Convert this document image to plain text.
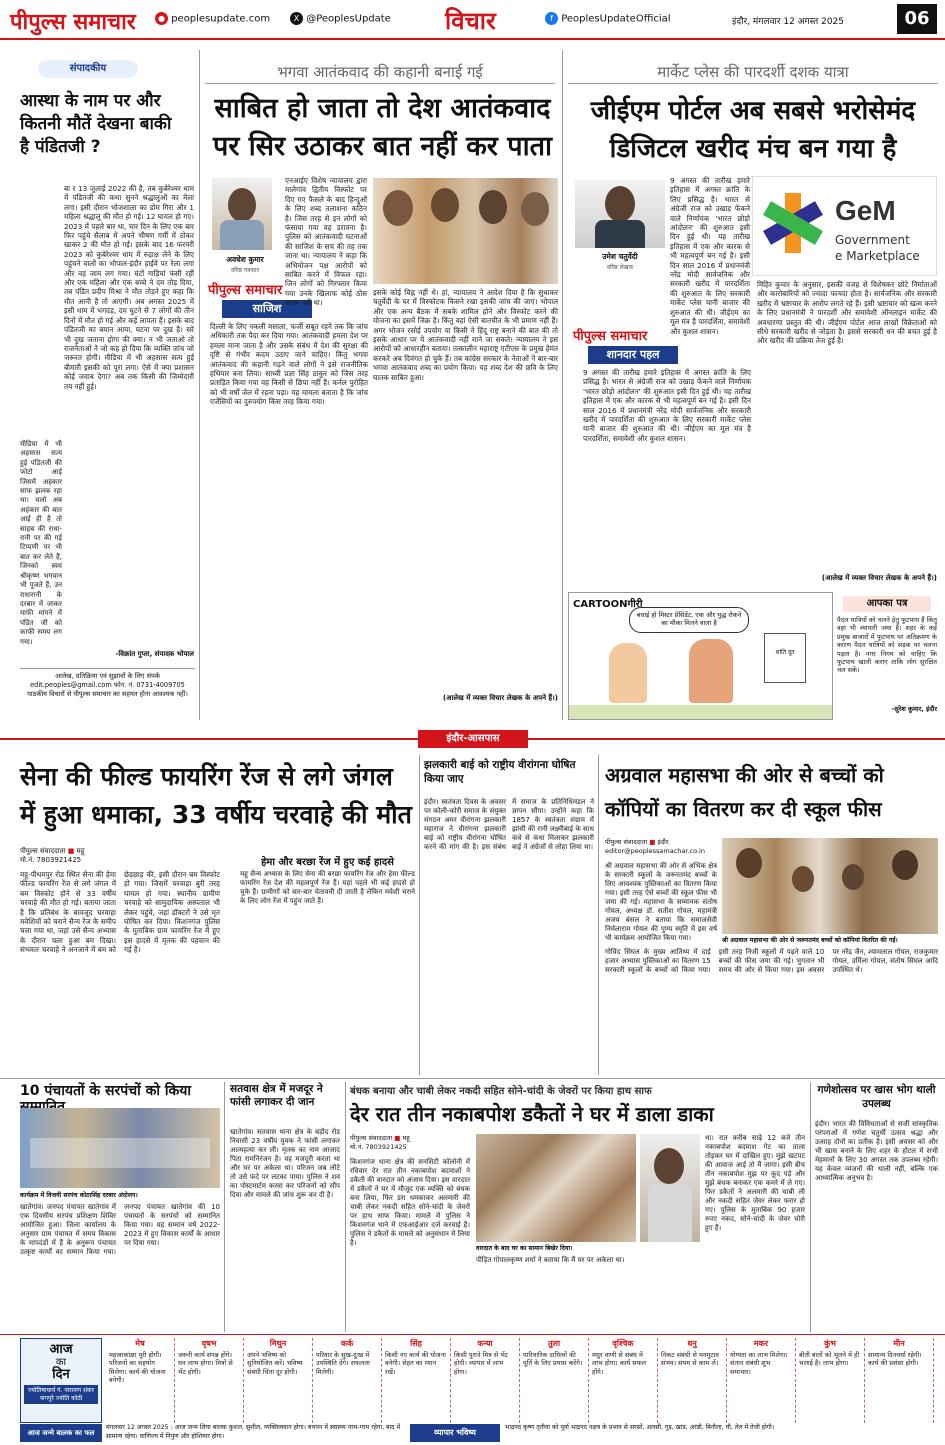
पीपुल्स समाचार	● peoplesupdate.com	X @PeoplesUpdate विचार	f PeoplesUpdateOfficial	इंदौर, मंगलवार 12 अगस्त 2025	06
संपादकीय
आस्था के नाम पर और कितनी मौतें देखना बाकी है पंडितजी ?
बा र 13 जुलाई 2022 की है, तब कुबेरेश्वर धाम में पंडितजी की कथा सुनने श्रद्धालुओं का मेला लगा। इसी दौरान भोजशाला का डोम गिरा और 1 महिला श्रद्धालु की मौत हो गई। 12 घायल हो गए। 2023 में पहले बार था, चार दिन के लिए एक बार फिर पहुंचे सैलाब में अपने भीषण गर्मी में ठोकर खाकर 2 की मौत हो गई। इसके बाद 16 फरवरी 2023 को कुबेरेश्वर धाम में रुद्राक्ष लेने के लिए पहुंचने वालों का भोपाल-इंदौर हाईवे पर रेला लगा और वह जाम लग गया। घंटों गाड़ियां फंसी रहीं और एक महिला और एक बच्चे ने दम तोड़ दिया, तब पंडित प्रदीप मिश्रा ने मौत तोड़ने हुए कहा कि मौत आनी है तो आएगी। अब अगस्त 2025 में इसी धाम में भगदड़, दम घुटने से 7 लोगों की तीन दिनों में मौत हो गई और कई लापता हैं। इसके बाद पंडितजी का बयान आया, घटना पर दुख है। सरे भी दुख जताना होगा की क्या। न भी जताओ तो राजनेताओं ने जो कह हो दिया कि व्यक्ति जांच जो जरूरत होगी। मीडिया में भी अहसास सत्य हुई बीमारी इसकी को पूरा लगा। ऐसे में क्या प्रशासन कोई जवाब देगा? अब तक किसी की जिम्मेदारी तय नहीं हुई।
मीडिया में भी अहसास सत्य हुई पंडितजी की फोटो आई जिसमें अहंकार साफ झलक रहा था। चलो अब अहंकार की बात आई ही है तो साहब की राधा-रानी पर की गई टिप्पणी पर भी बात कर लेते हैं, जिनको स्वयं श्रीकृष्ण भगवान भी पूजते हैं, उन राधारानी के दरबार में जाकर माफी मांगने में पंडित जी को काफी समय लग गया।
-विक्रांत गुप्ता, संपादक भोपाल
आलेख, प्रतिक्रिया एवं सुझावों के लिए संपर्क
edit.peoples@gmail.com फोन. नं. 0731-4009705
पाठकीय विचारों से पीपुल्स समाचार का सहमत होना आवश्यक नहीं।
भगवा आतंकवाद की कहानी बनाई गई
साबित हो जाता तो देश आतंकवाद पर सिर उठाकर बात नहीं कर पाता
अवधेश कुमार
वरिष्ठ पत्रकार
पीपुल्स समाचार
साजिश
एनआईए विशेष न्यायालय द्वारा मालेगांव द्वितीय विस्फोट पर दिए गए फैसले के बाद हिन्दुओं के लिए शब्द तलाशना कठिन है। जिस तरह से इन लोगों को फंसाया गया वह डरावना है। पुलिस को आतंकवादी घटनाओं की साजिश के सच की तह तक जाना था। न्यायालय ने कहा कि अभियोजन पक्ष आरोपों को साबित करने में विफल रहा। जिन लोगों को गिरफ्तार किया गया उनके खिलाफ कोई ठोस साक्ष्य नहीं था।
दिल्ली के लिए नकली मसाला, फर्जी सबूत रहने तक कि जांच अधिकारी तक पैदा कर दिया गया। आतंकवादी हमला देश पर हमला माना जाता है और उसके संबंध में देश की सुरक्षा की दृष्टि से गंभीर कदम उठाए जाने चाहिए। किंतु भगवा आतंकवाद की कहानी गढ़ने वाले लोगों ने इसे राजनीतिक हथियार बना लिया। साध्वी प्रज्ञा सिंह ठाकुर को जिस तरह प्रताड़ित किया गया वह किसी से छिपा नहीं है। कर्नल पुरोहित को भी वर्षों जेल में रहना पड़ा। यह मामला बताता है कि जांच एजेंसियों का दुरुपयोग किस तरह किया गया।
इसके कोई चिह्न नहीं थे। हां, न्यायालय ने आदेश दिया है कि सुधाकर चतुर्वेदी के घर में विस्फोटक किसने रखा इसकी जांच की जाए। भोपाल और एक अन्य बैठक में सबके शामिल होने और विस्फोट करने की योजना का इसमें जिक्र है। किंतु वहां ऐसी बातचीत के भी प्रमाण नहीं हैं। अगर भोजन रसोई उपयोग या किसी ने हिंदू राष्ट्र बनाने की बात की तो इसके आधार पर ये आतंकवादी नहीं माने जा सकते। न्यायालय ने इस आरोपों को आधारहीन बताया। तत्कालीन महाराष्ट्र एटीएस के प्रमुख हेमंत करकरे अब दिवंगत हो चुके हैं। तब कांग्रेस सरकार के नेताओं ने बार-बार भगवा आतंकवाद शब्द का प्रयोग किया। यह शब्द देश की छवि के लिए घातक साबित हुआ।
(आलेख में व्यक्त विचार लेखक के अपने हैं।)
मार्केट प्लेस की पारदर्शी दशक यात्रा
जीईएम पोर्टल अब सबसे भरोसेमंद डिजिटल खरीद मंच बन गया है
उमेश चतुर्वेदी
वरिष्ठ लेखक
9 अगस्त की तारीख हमारे इतिहास में अगस्त क्रांति के लिए प्रसिद्ध है। भारत से अंग्रेजी राज को उखाड़ फेंकने वाले निर्णायक 'भारत छोड़ो आंदोलन' की शुरुआत इसी दिन हुई थी। यह तारीख इतिहास में एक और कारक से भी महत्वपूर्ण बन गई है। इसी दिन साल 2016 में प्रधानमंत्री नरेंद्र मोदी सार्वजनिक और सरकारी खरीद में पारदर्शिता की शुरुआत के लिए सरकारी मार्केट प्लेस यानी बाजार की शुरुआत की थी। जीईएम का मूल मंत्र है पारदर्शिता, समावेशी और कुशल शासन।
पीपुल्स समाचार
शानदार पहल
GeM
Government
e Marketplace
9 अगस्त की तारीख हमारे इतिहास में अगस्त क्रांति के लिए प्रसिद्ध है। भारत से अंग्रेजी राज को उखाड़ फेंकने वाले निर्णायक 'भारत छोड़ो आंदोलन' की शुरुआत इसी दिन हुई थी। यह तारीख इतिहास में एक और कारक से भी महत्वपूर्ण बन गई है। इसी दिन साल 2016 में प्रधानमंत्री नरेंद्र मोदी सार्वजनिक और सरकारी खरीद में पारदर्शिता की शुरुआत के लिए सरकारी मार्केट प्लेस यानी बाजार की शुरुआत की थी। जीईएम का मूल मंत्र है पारदर्शिता, समावेशी और कुशल शासन।
मिहिर कुमार के अनुसार, इसकी वजह से विशेषकर छोटे निर्माताओं और कारोबारियों को ज्यादा फायदा होता है। सार्वजनिक और सरकारी खरीद में भ्रष्टाचार के आरोप लगते रहे हैं। इसी भ्रष्टाचार को खत्म करने के लिए प्रधानमंत्री ने पारदर्शी और समावेशी ऑनलाइन मार्केट की अवधारणा प्रस्तुत की थी। जीईएम पोर्टल आज लाखों विक्रेताओं को सीधे सरकारी खरीद से जोड़ता है। इससे सरकारी धन की बचत हुई है और खरीद की प्रक्रिया तेज हुई है।
(आलेख में व्यक्त विचार लेखक के अपने हैं।)
CARTOONगीरी
बधाई हो मिस्टर प्रेसिडेंट, एक और युद्ध रोकने का मौका मिलने वाला है
शांति दूत
आपका पत्र
पैदल यात्रियों को चलने हेतु फुटपाथ हैं किंतु वहां भी व्यापारी जमा हैं। शहर के कई प्रमुख बाजारों में फुटपाथ पर अतिक्रमण के कारण पैदल यात्रियों को सड़क पर चलना पड़ता है। नगर निगम को चाहिए कि फुटपाथ खाली कराए ताकि लोग सुरक्षित चल सकें।
-सुरेश कुमार, इंदौर
इंदौर-आसपास
सेना की फील्ड फायरिंग रेंज से लगे जंगल में हुआ धमाका, 33 वर्षीय चरवाहे की मौत
पीपुल्स संवाददाता ■ महू
मो.नं. 7803921425
महू-पीथमपुर रोड स्थित सेना की हेमा फील्ड फायरिंग रेंज से लगे जंगल में बम विस्फोट होने से 33 वर्षीय चरवाहे की मौत हो गई। बताया जाता है कि प्रतिबंध के बावजूद चरवाहा मवेशियों को चराने सैन्य रेंज के समीप चला गया था, जहां उसे सैन्य अभ्यास के दौरान चला हुआ बम दिखा। संभवतः चरवाहे ने अनजाने में बम को छेड़छाड़ की, इसी दौरान बम विस्फोट हो गया। जिसमें चरवाहा बुरी तरह घायल हो गया। स्थानीय ग्रामीण चरवाहे को सामुदायिक अस्पताल भी लेकर पहुंचे, जहां डॉक्टरों ने उसे मृत घोषित कर दिया। किशनगंज पुलिस के मुताबिक ग्राम फायरिंग रेंज में हुए इस हादसे में मृतक की पहचान की गई है।
हेमा और बरछा रेंज में हुए कई हादसे
महू सैन्य अभ्यास के लिए सेना की बरछा फायरिंग रेंज और हेमा फील्ड फायरिंग रेंज देश की महत्वपूर्ण रेंज हैं। यहां पहले भी कई हादसे हो चुके हैं। ग्रामीणों को बार-बार चेतावनी दी जाती है लेकिन मवेशी चराने के लिए लोग रेंज में पहुंच जाते हैं।
झलकारी बाई को राष्ट्रीय वीरांगना घोषित किया जाए
इंदौर। स्वतंत्रता दिवस के अवसर पर कोली-कोरी समाज के संयुक्त संगठन अमर वीरांगना झलकारी महाराज ने वीरांगना झलकारी बाई को राष्ट्रीय वीरांगना घोषित करने की मांग की है। इस संबंध में समाज के प्रतिनिधिमंडल ने ज्ञापन सौंपा। उन्होंने कहा कि 1857 के स्वतंत्रता संग्राम में झांसी की रानी लक्ष्मीबाई के साथ कंधे से कंधा मिलाकर झलकारी बाई ने अंग्रेजों से लोहा लिया था।
अग्रवाल महासभा की ओर से बच्चों को कॉपियों का वितरण कर दी स्कूल फीस
पीपुल्स संवाददाता ■ इंदौर
editor@peoplessamachar.co.in
श्री अग्रवाल महासभा की ओर से अभिक क्षेत्र के सरकारी स्कूलों के जरूरतमंद बच्चों के लिए आवश्यक पुस्तिकाओं का वितरण किया गया। इसी तरह ऐसे बच्चों की स्कूल फीस भी जमा की गई। महासभा के सम्मानक संतोष गोयल, अध्यक्ष डॉ. सतीश गोयल, महामंत्री अजय बंसल ने बताया कि समाजसेवी निर्मलाराम गोयल की पुण्य स्मृति में इस वर्ष भी कार्यक्रम आयोजित किया गया।	श्री अग्रवाल महासभा की ओर से जरूरतमंद बच्चों को कॉपियां वितरित की गईं।
गोविंद सिंघल के मुख्य आतिथ्य में दाई हजार अभ्यास पुस्तिकाओं का वितरण 15 सरकारी स्कूलों के बच्चों को किया गया। इसी तरह निजी स्कूलों में पढ़ने वाले 10 बच्चों की फीस जमा की गई। भुगतान भी समय की ओर से किया गया। इस अवसर पर नरेंद्र जैन, श्यामलाल गोयल, राजकुमार गोयल, उर्मिला गोयल, संतोष सिंघल आदि उपस्थित थे।
10 पंचायतों के सरपंचों को किया
कार्यक्रम में विजयी सरपंच कोठासिंह दरबार अंदोलन।
खातेगांव। जनपद पंचायत खातेगांव में एक दिवसीय सरपंच प्रशिक्षण शिविर आयोजित हुआ। जिला कार्यालय के अनुसार ग्राम पंचायत में समय विकास के मापदंडों में हैं के अनुरूप पंचायत उत्कृष्ट कार्यों का सम्मान किया गया। जनपद पंचायत खातेगांव की 10 पंचायतों के सरपंचों को सम्मानित किया गया। यह सम्मान वर्ष 2022-2023 में हुए विकास कार्यों के आधार पर दिया गया।
सतवास क्षेत्र में मजदूर ने फांसी लगाकर दी जान
खातेगांव। सतवास थाना क्षेत्र के बड़ौद रोड निवासी 23 वर्षीय युवक ने फांसी लगाकर आत्महत्या कर ली। मृतक का नाम आजाद पिता रामनिरंजन है। वह मजदूरी करता था और घर पर अकेला था। परिजन जब लौटे तो उसे फंदे पर लटका पाया। पुलिस ने शव का पोस्टमार्टम करवा कर परिजनों को सौंप दिया और मामले की जांच शुरू कर दी है।
बंधक बनाया और चाबी लेकर नकदी सहित सोने-चांदी के जेवरों पर किया हाथ साफ
देर रात तीन नकाबपोश डकैतों ने घर में डाला डाका
पीपुल्स संवाददाता ■ महू
मो.नं. 7803921425
किशनगंज थाना क्षेत्र की सनसिटी कॉलोनी में रविवार देर रात तीन नकाबपोश बदमाशों ने डकैती की वारदात को अंजाम दिया। इस वारदात में डकैतों ने घर में मौजूद एक व्यक्ति को बंधक बना लिया, फिर डरा धमकाकर अलमारी की चाबी लेकर नकदी सहित सोने-चांदी के जेवरों पर हाथ साफ किया। मामले में पुलिस ने किशनगंज थाने में एफआईआर दर्ज करवाई है। पुलिस ने डकैतों के मामले को अनुसंधान में लिया है।
वारदात के बाद घर का सामान बिखेर दिया।
पीड़ित गोपालकृष्ण शर्मा ने बताया कि मैं घर पर अकेला था।
था। रात करीब साढ़े 12 बजे तीन नकाबपोश बदमाश गेट का ताला तोड़कर घर में दाखिल हुए। मुझे खटपट की आवाज आई तो मैं जागा। इसी बीच तीन नकाबपोश मुझ पर कूद पड़े और मुझे बंधक बनाकर एक कमरे में ले गए। फिर डकैतों ने अलमारी की चाबी ली और नकदी सहित जेवर लेकर फरार हो गए। पुलिस के मुताबिक 90 हजार रुपए नकद, सोने-चांदी के जेवर चोरी हुए हैं।
गणेशोत्सव पर खास भोग थाली उपलब्ध
इंदौर। भारत की विविधताओं से सजी सांस्कृतिक परंपराओं में गणेश चतुर्थी उत्सव श्रद्धा और उत्साह दोनों का प्रतीक है। इसी अवसर को और भी खास बनाने के लिए शहर के होटल में सभी मेहमानों के लिए 30 अगस्त तक उपलब्ध रहेगी। यह केवल व्यंजनों की थाली नहीं, बल्कि एक आध्यात्मिक अनुभव है।
आज
का
दिन
ज्योतिषाचार्य पं. नारायण शंकर नागपुरे ज्योति कोठी
मेष
महत्वाकांक्षा पूरी होगी। परिजनों का सहयोग मिलेगा। कार्य की योजना बनेगी।
वृषभ
जरूरी कार्य संपन्न होंगे। धन लाभ होगा। मित्रों से भेंट होगी।
मिथुन
अपने भविष्य को सुनियोजित करें। भविष्य संबंधी चिंता दूर होगी।
कर्क
परिवार के सुख-दुःख में उपस्थिति देंगे। सफलता मिलेगी।
सिंह
किसी नए कार्य की योजना बनेगी। सेहत का ध्यान रखें।
कन्या
किसी पुराने मित्र से भेंट होगी। व्यापार में लाभ होगा।
तुला
पारिवारिक दायित्वों की पूर्ति के लिए प्रयास करेंगे।
वृश्चिक
मधुर वाणी से संबंध में लाभ होगा। कार्य सफल होंगे।
धनु
निकट संबंधी से मनमुटाव संभव। संयम से काम लें।
मकर
योग्यता का लाभ मिलेगा। संतान संबंधी शुभ समाचार।
कुंभ
बीती बातों को भूलने में ही भलाई है। लाभ होगा।
मीन
सामान्य दिनचर्या रहेगी। कार्य की प्रशंसा होगी।
आज जन्मे बालक का फल
मंगलवार 12 अगस्त 2025 : आज जन्म लिया बालक कुशल, सुशील, व्यक्तित्ववान होगा। बचपन में स्वास्थ्य नरम-गरम रहेगा, बाद में सामान्य रहेगा। वाणिज्य में निपुण और होशियार होगा।	व्यापार भविष्य
भाद्रपद कृष्ण तृतीया को पूर्वा भाद्रपद नक्षत्र के प्रभाव से सरसों, अलसी, गुड़, खांड, अरंडी, बिनौला, घी, तेल में तेजी होगी।
